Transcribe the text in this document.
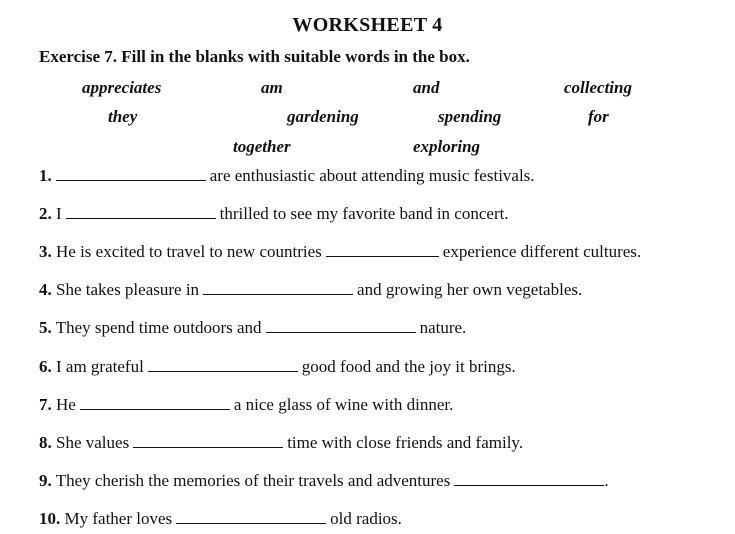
WORKSHEET 4
Exercise 7. Fill in the blanks with suitable words in the box.
appreciates	am	and	collecting
they	gardening	spending	for
together	exploring
1.	are enthusiastic about attending music festivals.
2. I	thrilled to see my favorite band in concert.
3. He is excited to travel to new countries	experience different cultures.
4. She takes pleasure in	and growing her own vegetables.
5. They spend time outdoors and	nature.
6. I am grateful	good food and the joy it brings.
7. He	a nice glass of wine with dinner.
8. She values	time with close friends and family.
9. They cherish the memories of their travels and adventures	.
10. My father loves	old radios.
